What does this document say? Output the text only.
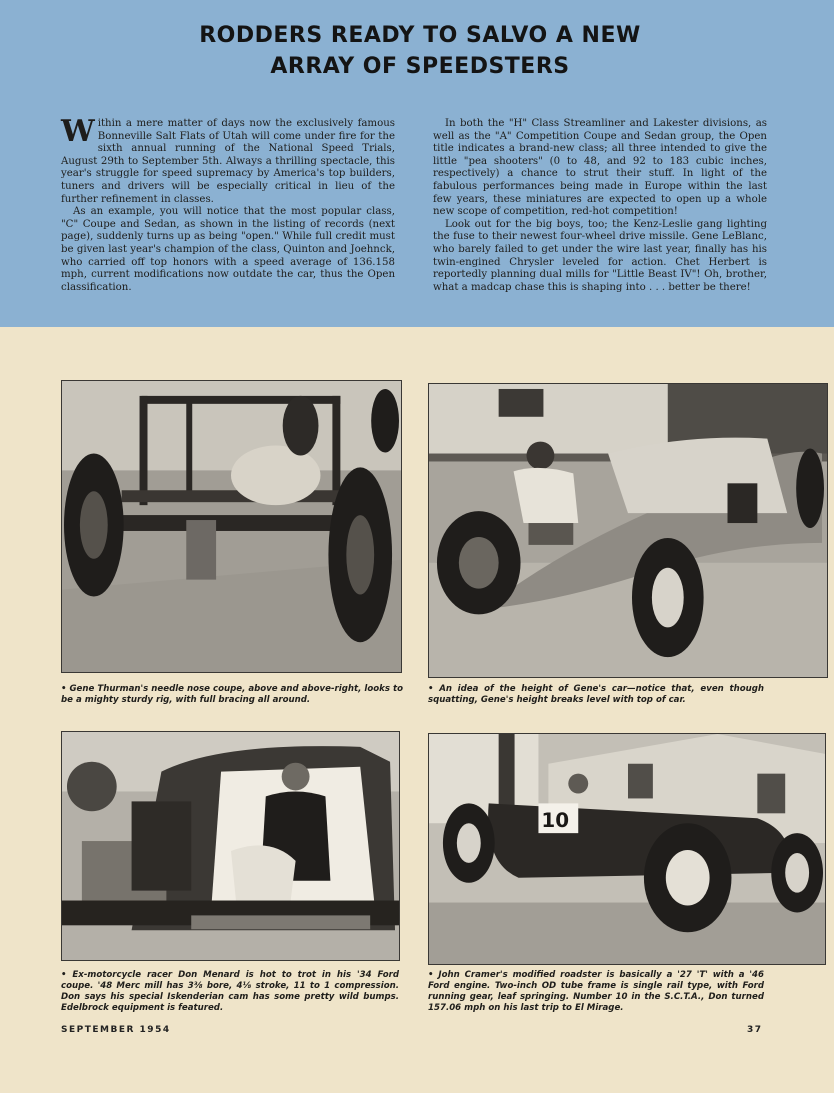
RODDERS READY TO SALVO A NEW
ARRAY OF SPEEDSTERS

Within a mere matter of days now the exclusively famous Bonneville Salt Flats of Utah will come under fire for the sixth annual running of the National Speed Trials, August 29th to September 5th. Always a thrilling spectacle, this year's struggle for speed supremacy by America's top builders, tuners and drivers will be especially critical in lieu of the further refinement in classes.

As an example, you will notice that the most popular class, "C" Coupe and Sedan, as shown in the listing of records (next page), suddenly turns up as being "open." While full credit must be given last year's champion of the class, Quinton and Joehnck, who carried off top honors with a speed average of 136.158 mph, current modifications now outdate the car, thus the Open classification.

In both the "H" Class Streamliner and Lakester divisions, as well as the "A" Competition Coupe and Sedan group, the Open title indicates a brand-new class; all three intended to give the little "pea shooters" (0 to 48, and 92 to 183 cubic inches, respectively) a chance to strut their stuff. In light of the fabulous performances being made in Europe within the last few years, these miniatures are expected to open up a whole new scope of competition, red-hot competition!

Look out for the big boys, too; the Kenz-Leslie gang lighting the fuse to their newest four-wheel drive missile. Gene LeBlanc, who barely failed to get under the wire last year, finally has his twin-engined Chrysler leveled for action. Chet Herbert is reportedly planning dual mills for "Little Beast IV"! Oh, brother, what a madcap chase this is shaping into . . . better be there!

• Gene Thurman's needle nose coupe, above and above-right, looks to be a mighty sturdy rig, with full bracing all around.
• An idea of the height of Gene's car—notice that, even though squatting, Gene's height breaks level with top of car.
10
• Ex-motorcycle racer Don Menard is hot to trot in his '34 Ford coupe. '48 Merc mill has 3⅜ bore, 4⅛ stroke, 11 to 1 compression. Don says his special Iskenderian cam has some pretty wild bumps. Edelbrock equipment is featured.
• John Cramer's modified roadster is basically a '27 'T' with a '46 Ford engine. Two-inch OD tube frame is single rail type, with Ford running gear, leaf springing. Number 10 in the S.C.T.A., Don turned 157.06 mph on his last trip to El Mirage.
SEPTEMBER 1954	37
